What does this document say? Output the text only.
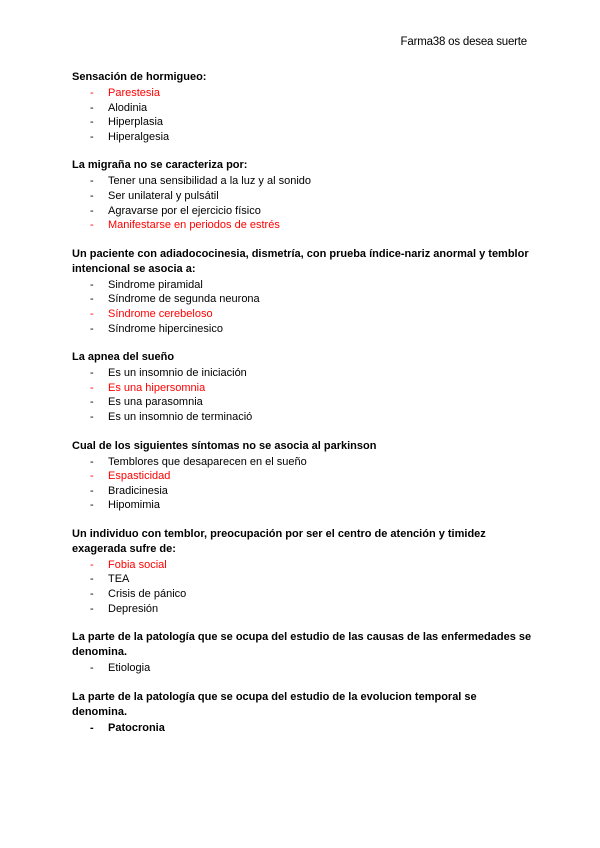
Farma38 os desea suerte
Sensación de hormigueo:
- Parestesia
- Alodinia
- Hiperplasia
- Hiperalgesia
La migraña no se caracteriza por:
- Tener una sensibilidad a la luz y al sonido
- Ser unilateral y pulsátil
- Agravarse por el ejercicio físico
- Manifestarse en periodos de estrés
Un paciente con adiadococinesia, dismetría, con prueba índice-nariz anormal y temblor intencional se asocia a:
- Sindrome piramidal
- Síndrome de segunda neurona
- Síndrome cerebeloso
- Síndrome hipercinesico
La apnea del sueño
- Es un insomnio de iniciación
- Es una hipersomnia
- Es una parasomnia
- Es un insomnio de terminació
Cual de los siguientes síntomas no se asocia al parkinson
- Temblores que desaparecen en el sueño
- Espasticidad
- Bradicinesia
- Hipomimia
Un individuo con temblor, preocupación por ser el centro de atención y timidez exagerada sufre de:
- Fobia social
- TEA
- Crisis de pánico
- Depresión
La parte de la patología que se ocupa del estudio de las causas de las enfermedades se denomina.
- Etiologia
La parte de la patología que se ocupa del estudio de la evolucion temporal se denomina.
- Patocronia
